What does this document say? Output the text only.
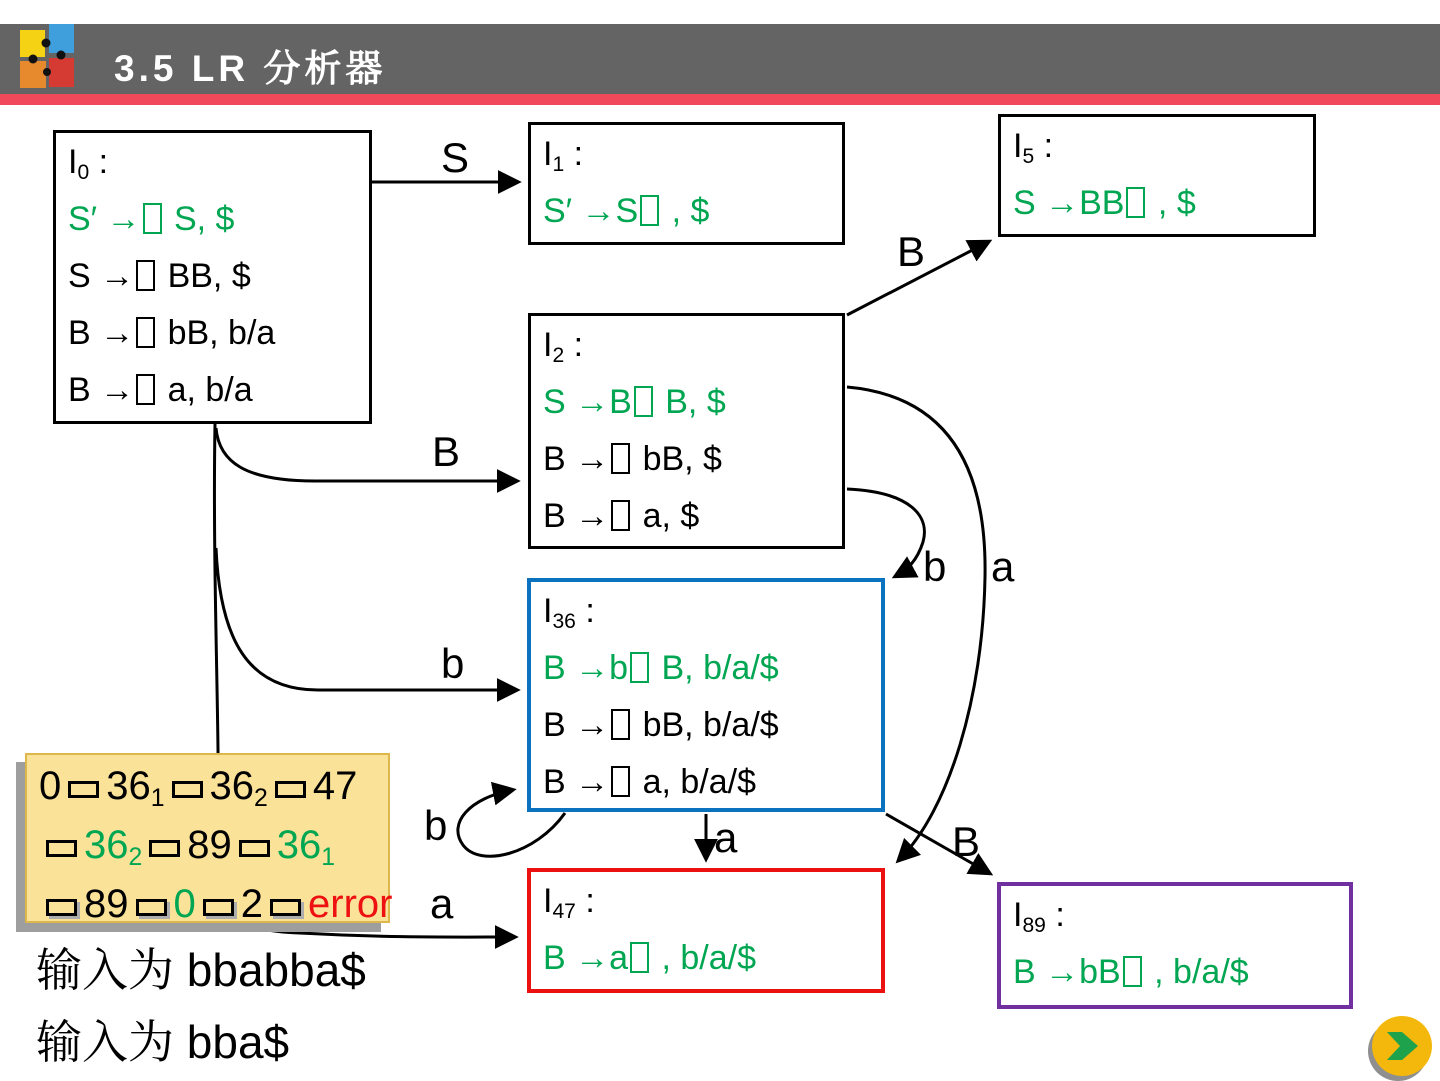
3.5 LR 分析器
S
B
b
a
B
b a
b	a	B
$I_0$ :
S′ → S, $
S → BB, $
B → bB, b/a
B → a, b/a
$I_1$ :
S′ →S , $
$I_5$ :
S →BB , $
$I_2$ :
S →B B, $
B → bB, $
B → a, $
$I_{36}$ :
B →b B, b/a/$
B → bB, b/a/$
B → a, b/a/$
$I_{47}$ :
B →a , b/a/$
$I_{89}$ :
B →bB , b/a/$
0 $36_1$ $36_2$ 47
$36_2$ 89 $36_1$
89 0 2 error
输入为 bbabba$
输入为 bba$
